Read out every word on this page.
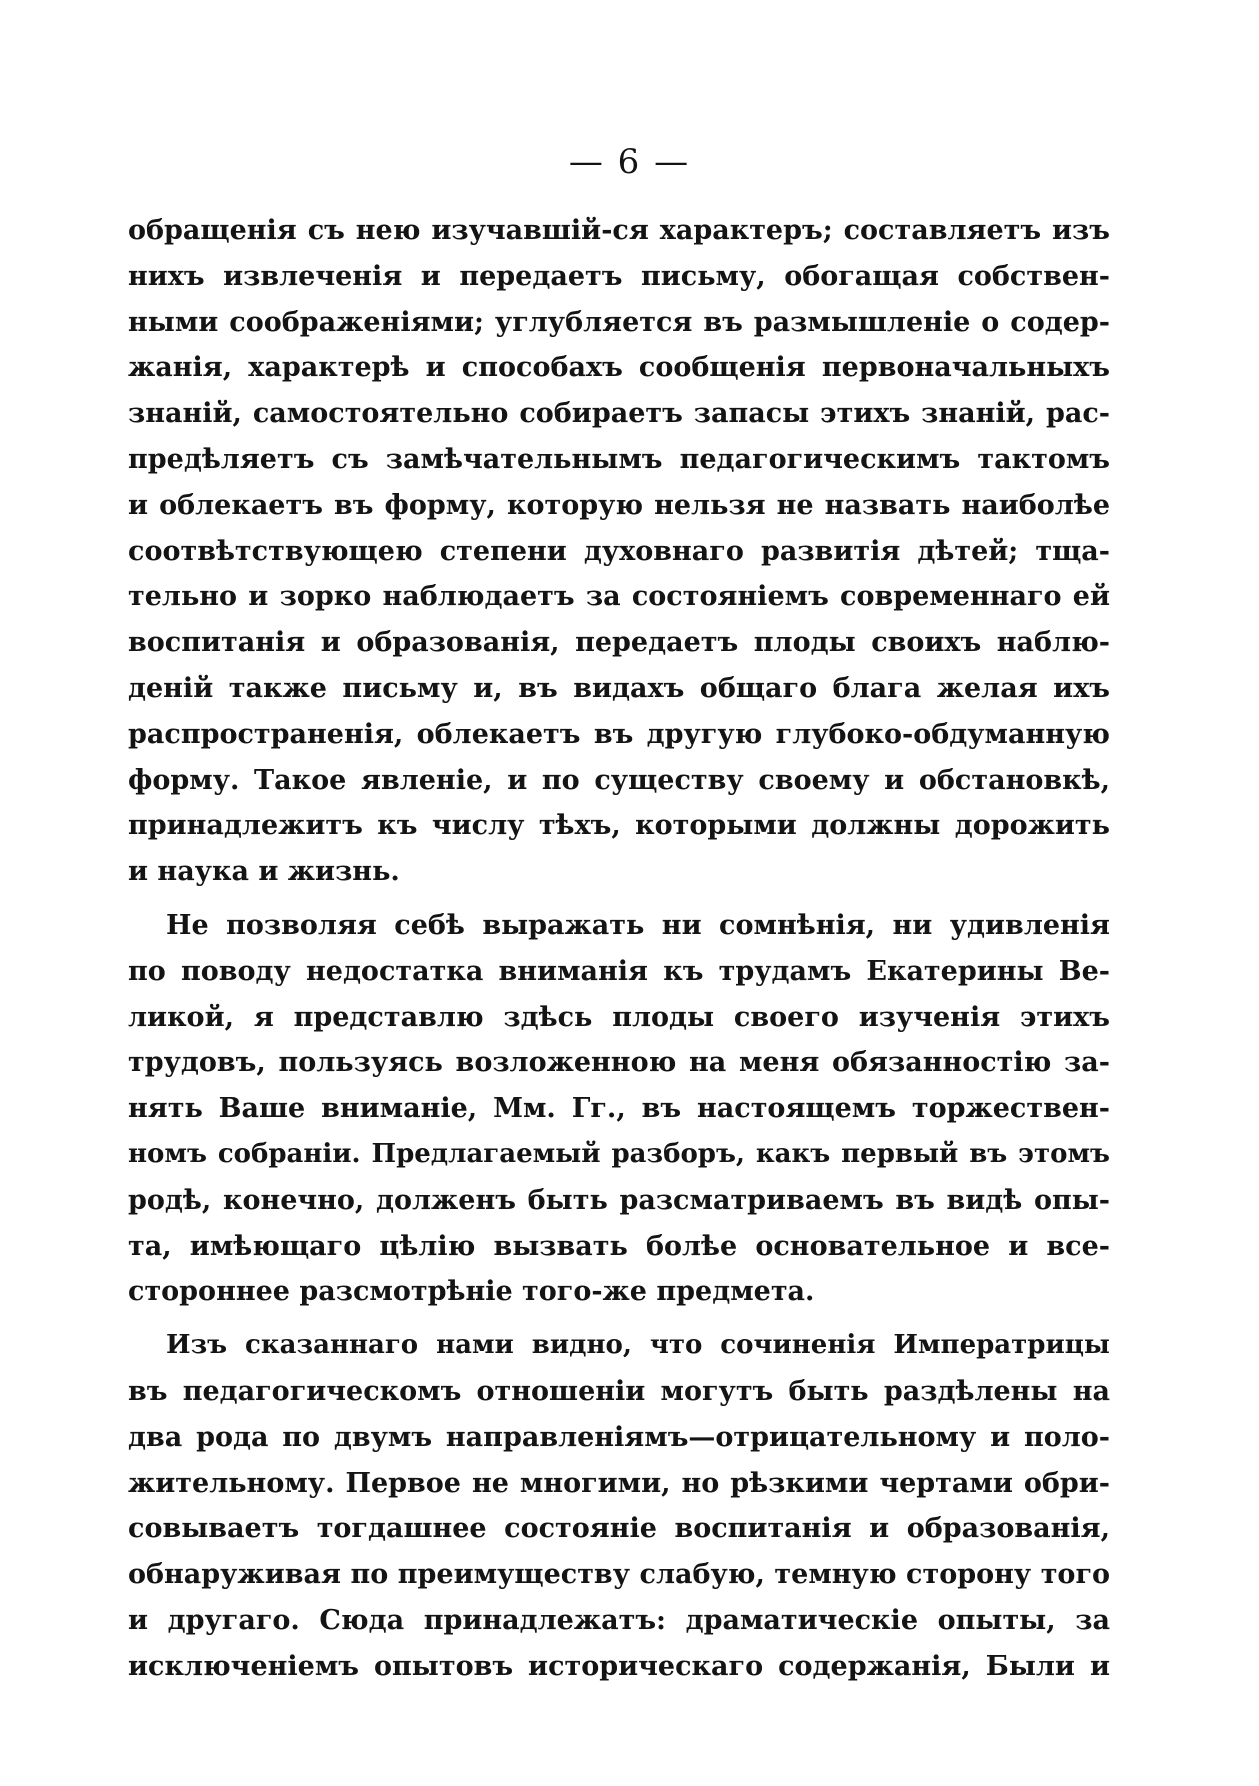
— 6 —
обращенія съ нею изучавшій-ся характеръ; составляетъ изъ
нихъ извлеченія и передаетъ письму, обогащая собствен-
ными соображеніями; углубляется въ размышленіе о содер-
жанія, характерѣ и способахъ сообщенія первоначальныхъ
знаній, самостоятельно собираетъ запасы этихъ знаній, рас-
предѣляетъ съ замѣчательнымъ педагогическимъ тактомъ
и облекаетъ въ форму, которую нельзя не назвать наиболѣе
соотвѣтствующею степени духовнаго развитія дѣтей; тща-
тельно и зорко наблюдаетъ за состояніемъ современнаго ей
воспитанія и образованія, передаетъ плоды своихъ наблю-
деній также письму и, въ видахъ общаго блага желая ихъ
распространенія, облекаетъ въ другую глубоко-обдуманную
форму. Такое явленіе, и по существу своему и обстановкѣ,
принадлежитъ къ числу тѣхъ, которыми должны дорожить
и наука и жизнь.
Не позволяя себѣ выражать ни сомнѣнія, ни удивленія
по поводу недостатка вниманія къ трудамъ Екатерины Ве-
ликой, я представлю здѣсь плоды своего изученія этихъ
трудовъ, пользуясь возложенною на меня обязанностію за-
нять Ваше вниманіе, Мм. Гг., въ настоящемъ торжествен-
номъ собраніи. Предлагаемый разборъ, какъ первый въ этомъ
родѣ, конечно, долженъ быть разсматриваемъ въ видѣ опы-
та, имѣющаго цѣлію вызвать болѣе основательное и все-
стороннее разсмотрѣніе того-же предмета.
Изъ сказаннаго нами видно, что сочиненія Императрицы
въ педагогическомъ отношеніи могутъ быть раздѣлены на
два рода по двумъ направленіямъ—отрицательному и поло-
жительному. Первое не многими, но рѣзкими чертами обри-
совываетъ тогдашнее состояніе воспитанія и образованія,
обнаруживая по преимуществу слабую, темную сторону того
и другаго. Сюда принадлежатъ: драматическіе опыты, за
исключеніемъ опытовъ историческаго содержанія, Были и
